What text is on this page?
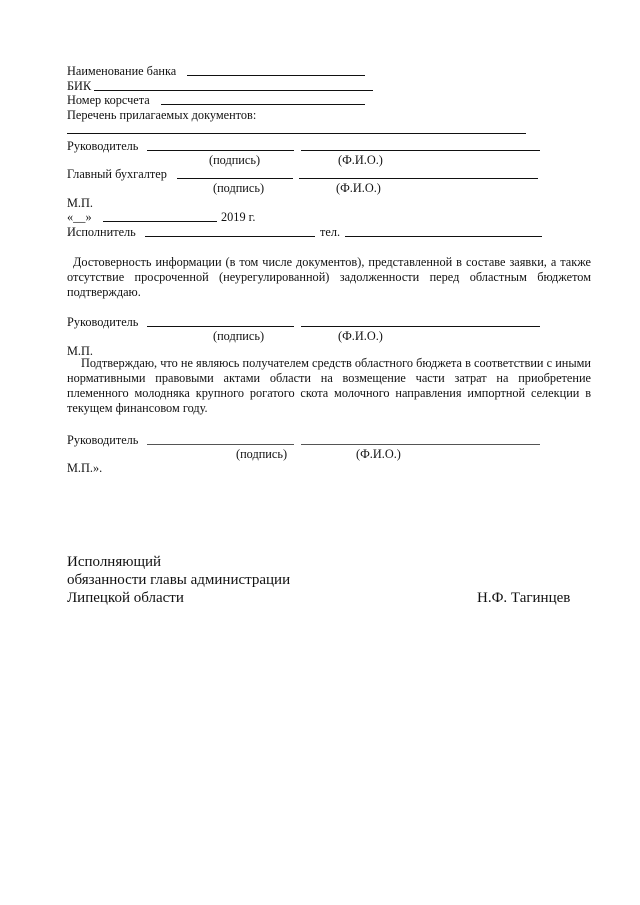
Наименование банка
БИК
Номер корсчета
Перечень прилагаемых документов:
Руководитель
(подпись)	(Ф.И.О.)
Главный бухгалтер
(подпись)	(Ф.И.О.)
М.П.
«__»	2019 г.
Исполнитель	тел.
Достоверность информации (в том числе документов), представленной в составе заявки, а также отсутствие просроченной (неурегулированной) задолженности перед областным бюджетом подтверждаю.
Руководитель
(подпись)	(Ф.И.О.)
М.П.
Подтверждаю, что не являюсь получателем средств областного бюджета в соответствии с иными нормативными правовыми актами области на возмещение части затрат на приобретение племенного молодняка крупного рогатого скота молочного направления импортной селекции в текущем финансовом году.
Руководитель
(подпись)	(Ф.И.О.)
М.П.».
Исполняющий
обязанности главы администрации
Липецкой области	Н.Ф. Тагинцев
